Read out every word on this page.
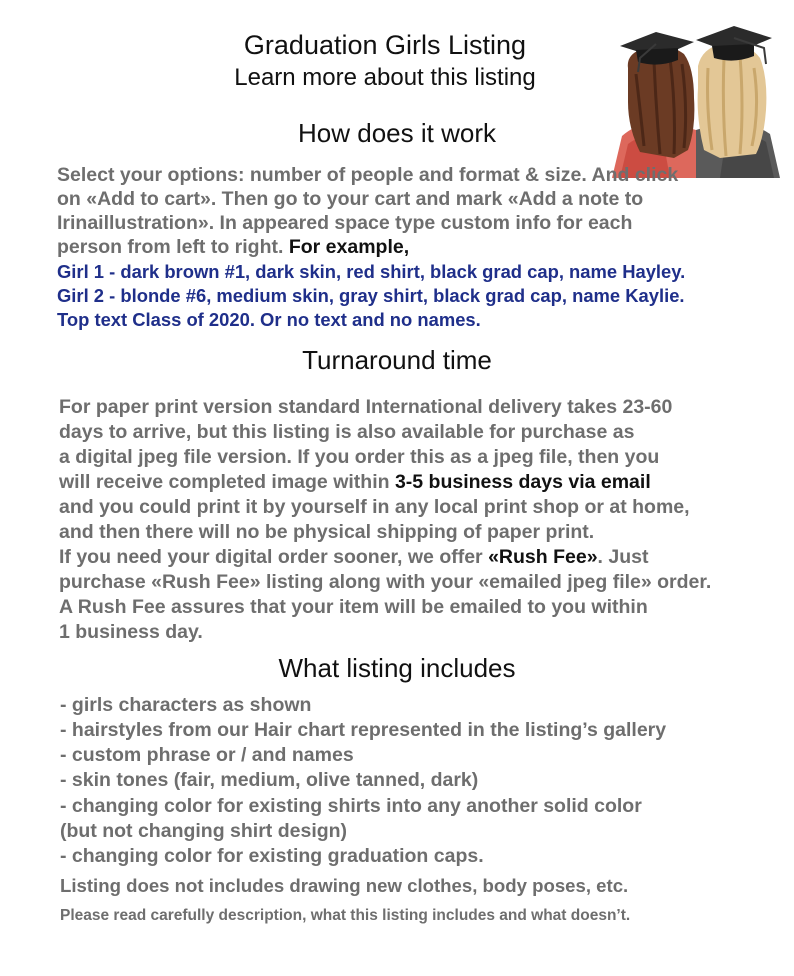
Graduation Girls Listing
Learn more about this listing
How does it work
Select your options: number of people and format & size. And click
on «Add to cart». Then go to your cart and mark «Add a note to
Irinaillustration». In appeared space type custom info for each
person from left to right. For example,
Girl 1 - dark brown #1, dark skin, red shirt, black grad cap, name Hayley.
Girl 2 - blonde #6, medium skin, gray shirt, black grad cap, name Kaylie.
Top text Class of 2020. Or no text and no names.
Turnaround time
For paper print version standard International delivery takes 23-60
days to arrive, but this listing is also available for purchase as
a digital jpeg file version. If you order this as a jpeg file, then you
will receive completed image within 3-5 business days via email
and you could print it by yourself in any local print shop or at home,
and then there will no be physical shipping of paper print.
If you need your digital order sooner, we offer «Rush Fee». Just
purchase «Rush Fee» listing along with your «emailed jpeg file» order.
A Rush Fee assures that your item will be emailed to you within
1 business day.
What listing includes
- girls characters as shown
- hairstyles from our Hair chart represented in the listing’s gallery
- custom phrase or / and names
- skin tones (fair, medium, olive tanned, dark)
- changing color for existing shirts into any another solid color
(but not changing shirt design)
- changing color for existing graduation caps.
Listing does not includes drawing new clothes, body poses, etc.
Please read carefully description, what this listing includes and what doesn’t.
